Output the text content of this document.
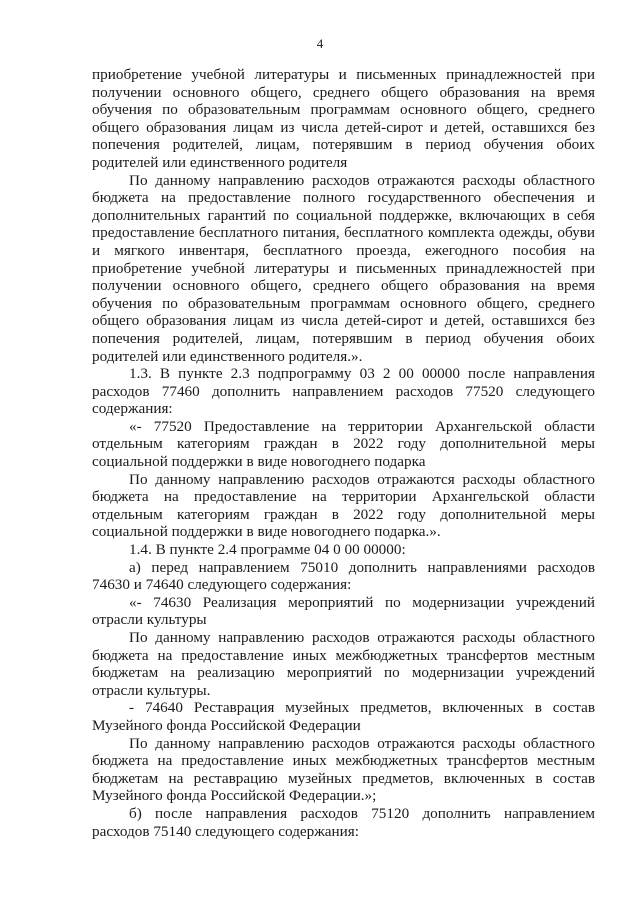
4

приобретение учебной литературы и письменных принадлежностей при получении основного общего, среднего общего образования на время обучения по образовательным программам основного общего, среднего общего образования лицам из числа детей-сирот и детей, оставшихся без попечения родителей, лицам, потерявшим в период обучения обоих родителей или единственного родителя

По данному направлению расходов отражаются расходы областного бюджета на предоставление полного государственного обеспечения и дополнительных гарантий по социальной поддержке, включающих в себя предоставление бесплатного питания, бесплатного комплекта одежды, обуви и мягкого инвентаря, бесплатного проезда, ежегодного пособия на приобретение учебной литературы и письменных принадлежностей при получении основного общего, среднего общего образования на время обучения по образовательным программам основного общего, среднего общего образования лицам из числа детей-сирот и детей, оставшихся без попечения родителей, лицам, потерявшим в период обучения обоих родителей или единственного родителя.».

1.3. В пункте 2.3 подпрограмму 03 2 00 00000 после направления расходов 77460 дополнить направлением расходов 77520 следующего содержания:

«- 77520 Предоставление на территории Архангельской области отдельным категориям граждан в 2022 году дополнительной меры социальной поддержки в виде новогоднего подарка

По данному направлению расходов отражаются расходы областного бюджета на предоставление на территории Архангельской области отдельным категориям граждан в 2022 году дополнительной меры социальной поддержки в виде новогоднего подарка.».

1.4. В пункте 2.4 программе 04 0 00 00000:

а) перед направлением 75010 дополнить направлениями расходов 74630 и 74640 следующего содержания:

«- 74630 Реализация мероприятий по модернизации учреждений отрасли культуры

По данному направлению расходов отражаются расходы областного бюджета на предоставление иных межбюджетных трансфертов местным бюджетам на реализацию мероприятий по модернизации учреждений отрасли культуры.

- 74640 Реставрация музейных предметов, включенных в состав Музейного фонда Российской Федерации

По данному направлению расходов отражаются расходы областного бюджета на предоставление иных межбюджетных трансфертов местным бюджетам на реставрацию музейных предметов, включенных в состав Музейного фонда Российской Федерации.»;

б) после направления расходов 75120 дополнить направлением расходов 75140 следующего содержания:
